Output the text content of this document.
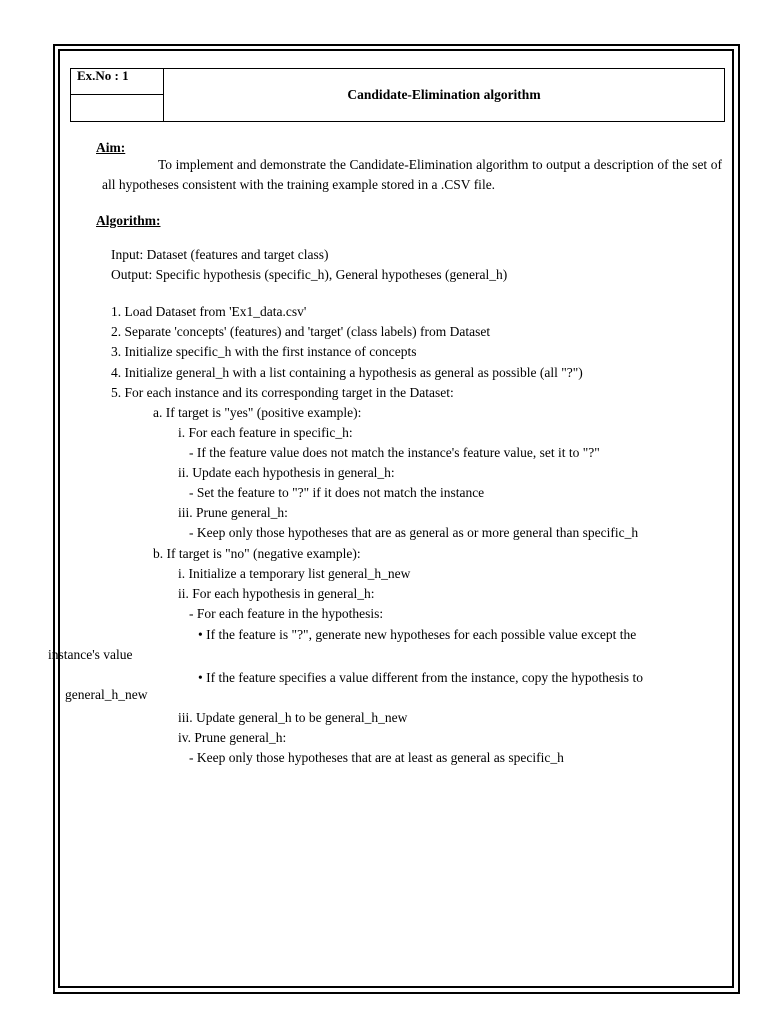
Ex.No : 1
Candidate-Elimination algorithm
Aim:
To implement and demonstrate the Candidate-Elimination algorithm to output a description of the set of all hypotheses consistent with the training example stored in a .CSV file.
Algorithm:
Input: Dataset (features and target class)
Output: Specific hypothesis (specific_h), General hypotheses (general_h)
1. Load Dataset from 'Ex1_data.csv'
2. Separate 'concepts' (features) and 'target' (class labels) from Dataset
3. Initialize specific_h with the first instance of concepts
4. Initialize general_h with a list containing a hypothesis as general as possible (all "?")
5. For each instance and its corresponding target in the Dataset:
a. If target is "yes" (positive example):
i. For each feature in specific_h:
- If the feature value does not match the instance's feature value, set it to "?"
ii. Update each hypothesis in general_h:
- Set the feature to "?" if it does not match the instance
iii. Prune general_h:
- Keep only those hypotheses that are as general as or more general than specific_h
b. If target is "no" (negative example):
i. Initialize a temporary list general_h_new
ii. For each hypothesis in general_h:
- For each feature in the hypothesis:
• If the feature is "?", generate new hypotheses for each possible value except the
instance's value
• If the feature specifies a value different from the instance, copy the hypothesis to
general_h_new
iii. Update general_h to be general_h_new
iv. Prune general_h:
- Keep only those hypotheses that are at least as general as specific_h
